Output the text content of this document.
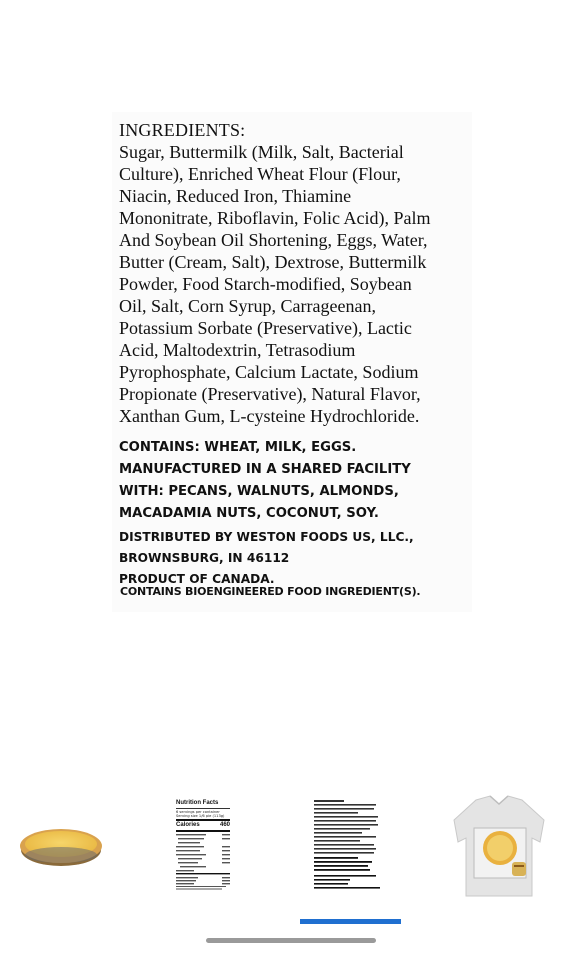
INGREDIENTS:
Sugar, Buttermilk (Milk, Salt, Bacterial
Culture), Enriched Wheat Flour (Flour,
Niacin, Reduced Iron, Thiamine
Mononitrate, Riboflavin, Folic Acid), Palm
And Soybean Oil Shortening, Eggs, Water,
Butter (Cream, Salt), Dextrose, Buttermilk
Powder, Food Starch-modified, Soybean
Oil, Salt, Corn Syrup, Carrageenan,
Potassium Sorbate (Preservative), Lactic
Acid, Maltodextrin, Tetrasodium
Pyrophosphate, Calcium Lactate, Sodium
Propionate (Preservative), Natural Flavor,
Xanthan Gum, L-cysteine Hydrochloride.
CONTAINS: WHEAT, MILK, EGGS.
MANUFACTURED IN A SHARED FACILITY
WITH: PECANS, WALNUTS, ALMONDS,
MACADAMIA NUTS, COCONUT, SOY.
DISTRIBUTED BY WESTON FOODS US, LLC.,
BROWNSBURG, IN 46112
PRODUCT OF CANADA.
CONTAINS BIOENGINEERED FOOD INGREDIENT(S).
Nutrition Facts
6 servings per container
Serving size 1/6 pie (113g)
Calories	460
